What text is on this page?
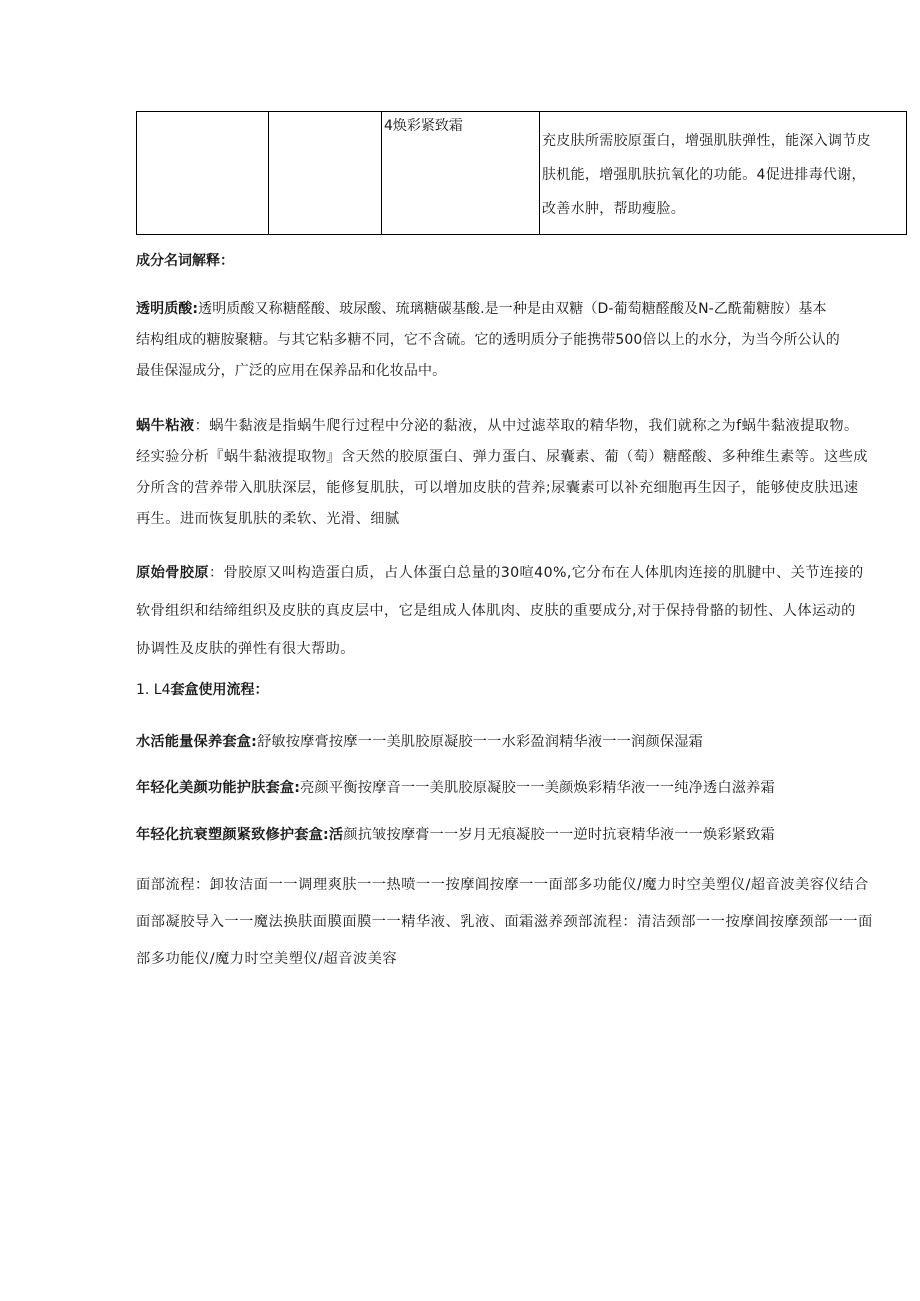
		4焕彩紧致霜	
充皮肤所需胶原蛋白，增强肌肤弹性，能深入调节皮
肤机能，增强肌肤抗氧化的功能。4促进排毒代谢，
改善水肿，帮助瘦脸。
成分名词解释：
透明质酸:透明质酸又称糖醛酸、玻尿酸、琉璃糖碳基酸.是一种是由双糖（D-葡萄糖醛酸及N-乙酰葡糖胺）基本
结构组成的糖胺聚糖。与其它粘多糖不同，它不含硫。它的透明质分子能携带500倍以上的水分，为当今所公认的
最佳保湿成分，广泛的应用在保养品和化妆品中。
蜗牛粘液：蜗牛黏液是指蜗牛爬行过程中分泌的黏液，从中过滤萃取的精华物，我们就称之为f蜗牛黏液提取物。
经实验分析『蜗牛黏液提取物』含天然的胶原蛋白、弹力蛋白、尿囊素、葡（萄）糖醛酸、多种维生素等。这些成
分所含的营养带入肌肤深层，能修复肌肤，可以增加皮肤的营养;尿囊素可以补充细胞再生因子，能够使皮肤迅速
再生。进而恢复肌肤的柔软、光滑、细腻
原始骨胶原：骨胶原又叫构造蛋白质，占人体蛋白总量的30喧40%,它分布在人体肌肉连接的肌腱中、关节连接的
软骨组织和结缔组织及皮肤的真皮层中，它是组成人体肌肉、皮肤的重要成分,对于保持骨骼的韧性、人体运动的
协调性及皮肤的弹性有很大帮助。
1. L4套盒使用流程：
水活能量保养套盒:舒敏按摩膏按摩一一美肌胶原凝胶一一水彩盈润精华液一一润颜保湿霜
年轻化美颜功能护肤套盒:亮颜平衡按摩音一一美肌胶原凝胶一一美颜焕彩精华液一一纯净透白滋养霜
年轻化抗衰塑颜紧致修护套盒:活颜抗皱按摩膏一一岁月无痕凝胶一一逆时抗衰精华液一一焕彩紧致霜
面部流程：卸妆洁面一一调理爽肤一一热喷一一按摩阊按摩一一面部多功能仪/魔力时空美塑仪/超音波美容仪结合
面部凝胶导入一一魔法换肤面膜面膜一一精华液、乳液、面霜滋养颈部流程：清洁颈部一一按摩阊按摩颈部一一面
部多功能仪/魔力时空美塑仪/超音波美容
